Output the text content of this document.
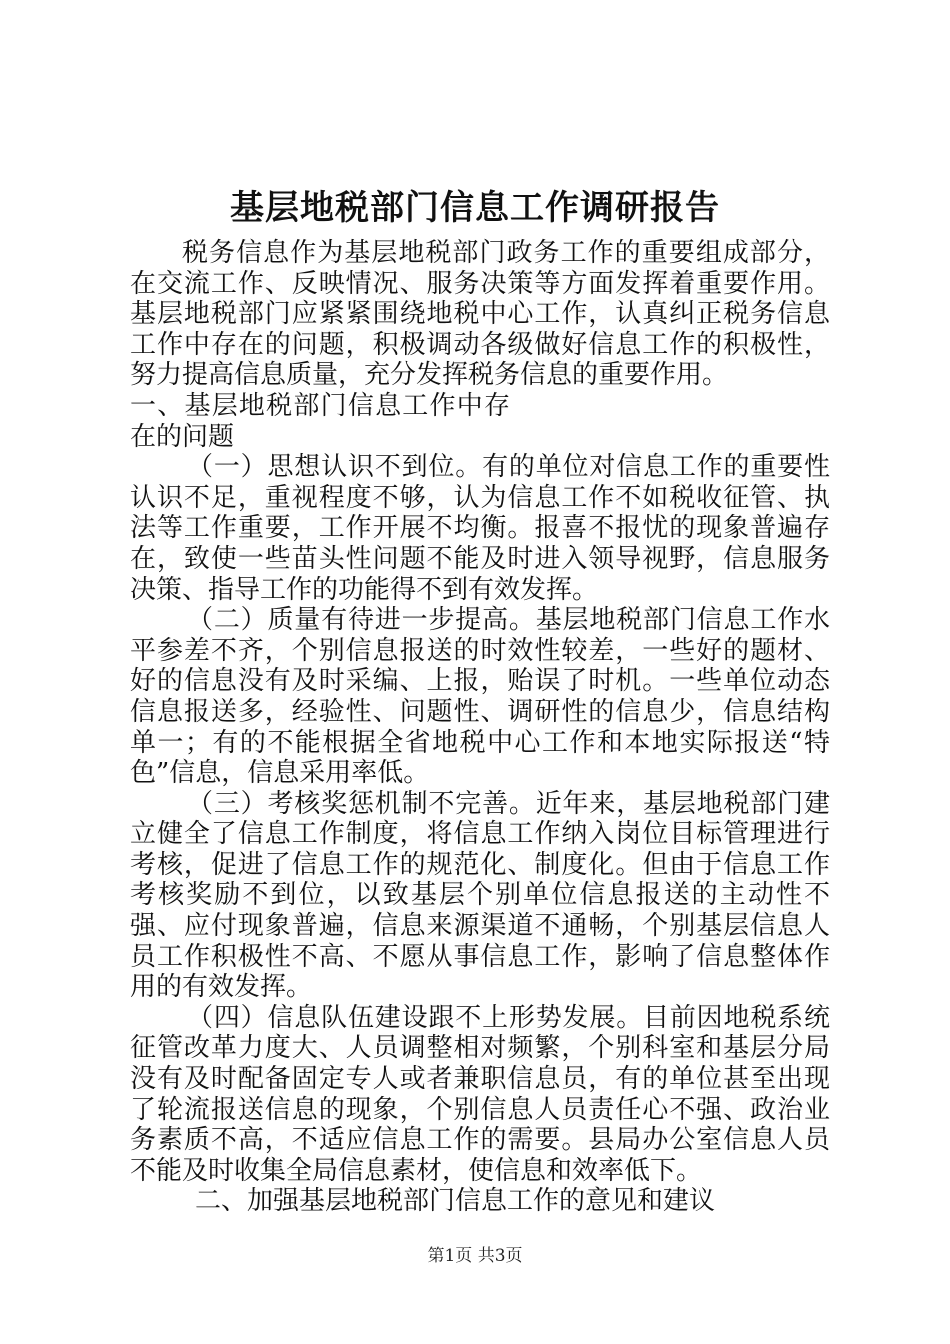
基层地税部门信息工作调研报告

税务信息作为基层地税部门政务工作的重要组成部分，在交流工作、反映情况、服务决策等方面发挥着重要作用。基层地税部门应紧紧围绕地税中心工作，认真纠正税务信息工作中存在的问题，积极调动各级做好信息工作的积极性，努力提高信息质量，充分发挥税务信息的重要作用。

一、基层地税部门信息工作中存在的问题

（一）思想认识不到位。有的单位对信息工作的重要性认识不足，重视程度不够，认为信息工作不如税收征管、执法等工作重要，工作开展不均衡。报喜不报忧的现象普遍存在，致使一些苗头性问题不能及时进入领导视野，信息服务决策、指导工作的功能得不到有效发挥。

（二）质量有待进一步提高。基层地税部门信息工作水平参差不齐，个别信息报送的时效性较差，一些好的题材、好的信息没有及时采编、上报，贻误了时机。一些单位动态信息报送多，经验性、问题性、调研性的信息少，信息结构单一；有的不能根据全省地税中心工作和本地实际报送“特色”信息，信息采用率低。

（三）考核奖惩机制不完善。近年来，基层地税部门建立健全了信息工作制度，将信息工作纳入岗位目标管理进行考核，促进了信息工作的规范化、制度化。但由于信息工作考核奖励不到位，以致基层个别单位信息报送的主动性不强、应付现象普遍，信息来源渠道不通畅，个别基层信息人员工作积极性不高、不愿从事信息工作，影响了信息整体作用的有效发挥。

（四）信息队伍建设跟不上形势发展。目前因地税系统征管改革力度大、人员调整相对频繁，个别科室和基层分局没有及时配备固定专人或者兼职信息员，有的单位甚至出现了轮流报送信息的现象，个别信息人员责任心不强、政治业务素质不高，不适应信息工作的需要。县局办公室信息人员不能及时收集全局信息素材，使信息和效率低下。

二、加强基层地税部门信息工作的意见和建议

第1页 共3页
